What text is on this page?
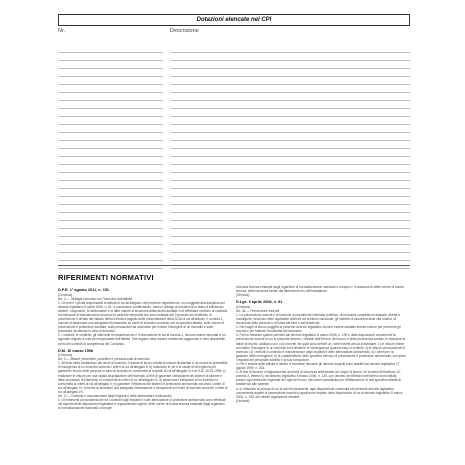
Dotazioni elencate nel CPI
Nr.	Descrizione
RIFERIMENTI NORMATIVI
D.P.R. 1° agosto 2011, n. 151
(Omissis)

Art. 4 — Obblighi connessi con l'esercizio dell'attività

1. Gli enti e i privati responsabili di attività di cui all'allegato I del presente regolamento, non soggette alla disciplina del decreto legislativo 8 aprile 2008, n. 81, e successive modificazioni, hanno l'obbligo di mantenere in stato di efficienza i sistemi, i dispositivi, le attrezzature e le altre misure di sicurezza antincendio adottate e di effettuare verifiche di controllo ed interventi di manutenzione secondo le cadenze temporali che sono indicate dal Comando nel certificato di prevenzione o all'atto del rilascio della ricevuta a seguito della presentazione della SCIA di cui all'articolo 4, comma 1, nonché di assicurare una adeguata informazione su rischi di incendio connessi con la specifica attività, sulle misure di prevenzione e protezione adottate, sulle precauzioni da osservare per evitare l'insorgere di un incendio e sulle procedure da attuare in caso di incendio.

2. I controlli, le verifiche, gli interventi di manutenzione e l'informazione di cui al comma 1, devono essere annotati in un apposito registro a cura dei responsabili dell'attività. Tale registro deve essere mantenuto aggiornato e reso disponibile ai fini dei controlli di competenza del Comando.

D.M. 10 marzo 1998
(Omissis)

Art. 3 — Misure preventive, protettive e precauzionali di esercizio

1. All'esito della valutazione dei rischi di incendio, il datore di lavoro adotta le misure finalizzate a: a) ridurre la probabilità di insorgenza di un incendio secondo i criteri di cui all'allegato II; b) realizzare le vie e le uscite di emergenza per garantire l'esodo delle persone in caso di incendio in conformità ai requisiti di cui all'allegato III e al D.M. 10.03.1998; c) realizzare le misure per una rapida segnalazione dell'incendio al fine di garantire l'attivazione dei sistemi di allarme e delle procedure di intervento in conformità ai criteri di cui all'allegato IV; d) assicurare l'estinzione di un incendio in conformità ai criteri di cui all'allegato V; e) garantire l'efficienza dei sistemi di protezione antincendio secondo i criteri di cui all'allegato VI; f) fornire ai lavoratori una adeguata informazione e formazione sui rischi di incendio secondo i criteri di cui all'allegato VII.

Art. 4 — Controllo e manutenzione degli impianti e delle attrezzature antincendio

1. Gli interventi di manutenzione ed i controlli sugli impianti e sulle attrezzature di protezione antincendio sono effettuati nel rispetto delle disposizioni legislative e regolamentari vigenti, delle norme di buona tecnica emanate dagli organismi di normalizzazione nazionali o europei.

di buona tecnica emanate dagli organismi di normalizzazione nazionali o europei o, in assenza di dette norme di buona tecnica, delle istruzioni fornite dal fabbricante e/o dall'installatore.

(Omissis)

D.Lgs. 9 aprile 2008, n. 81
(Omissis)

Art. 46 — Prevenzione incendi

1. La prevenzione incendi è la funzione di preminente interesse pubblico, di esclusiva competenza statuale, diretta a conseguire, secondo criteri applicativi uniformi sul territorio nazionale, gli obiettivi di sicurezza della vita umana, di incolumità delle persone e di tutela dei beni e dell'ambiente.

2. Nei luoghi di lavoro soggetti al presente decreto legislativo devono essere adottate idonee misure per prevenire gli incendi e per tutelare l'incolumità dei lavoratori.

3. Fermo restando quanto previsto dal decreto legislativo 8 marzo 2006, n. 139 e dalle disposizioni concernenti la prevenzione incendi di cui al presente decreto, i Ministri dell'interno, del lavoro e della previdenza sociale, in relazione ai fattori di rischio, adottano uno o più decreti nei quali sono definiti: a) i criteri diretti atti ad individuare: 1) le misure intese ad evitare l'insorgere di un incendio ed a limitarne le conseguenze qualora esso si verifichi; 2) le misure precauzionali di esercizio; 3) i metodi di controllo e manutenzione degli impianti e delle attrezzature antincendio; 4) i criteri per la gestione delle emergenze; b) le caratteristiche dello specifico servizio di prevenzione e protezione antincendio, compresi i requisiti del personale addetto e la sua formazione.

4. Per il settore delle attività a rischio di incidente rilevante gli ulteriori requisiti sono stabiliti dal decreto legislativo 17 agosto 1999, n. 334.

5. Al fine di favorire il miglioramento dei livelli di sicurezza antincendio nei luoghi di lavoro, ed ai sensi dell'articolo 14, comma 2, lettera h), del decreto legislativo 8 marzo 2006, n. 139, con decreto del Ministro dell'interno sono istituiti, presso ogni direzione regionale dei vigili del fuoco, dei nuclei specialistici per l'effettuazione di una specifica attività di assistenza alle aziende.

6. In relazione ai principi di cui ai commi precedenti, ogni disposizione contenuta nel presente decreto legislativo concernente aspetti di prevenzione incendi si applica nel rispetto delle disposizioni di cui al decreto legislativo 8 marzo 2006, n. 139, dei relativi regolamenti attuativi.

(Omissis)
